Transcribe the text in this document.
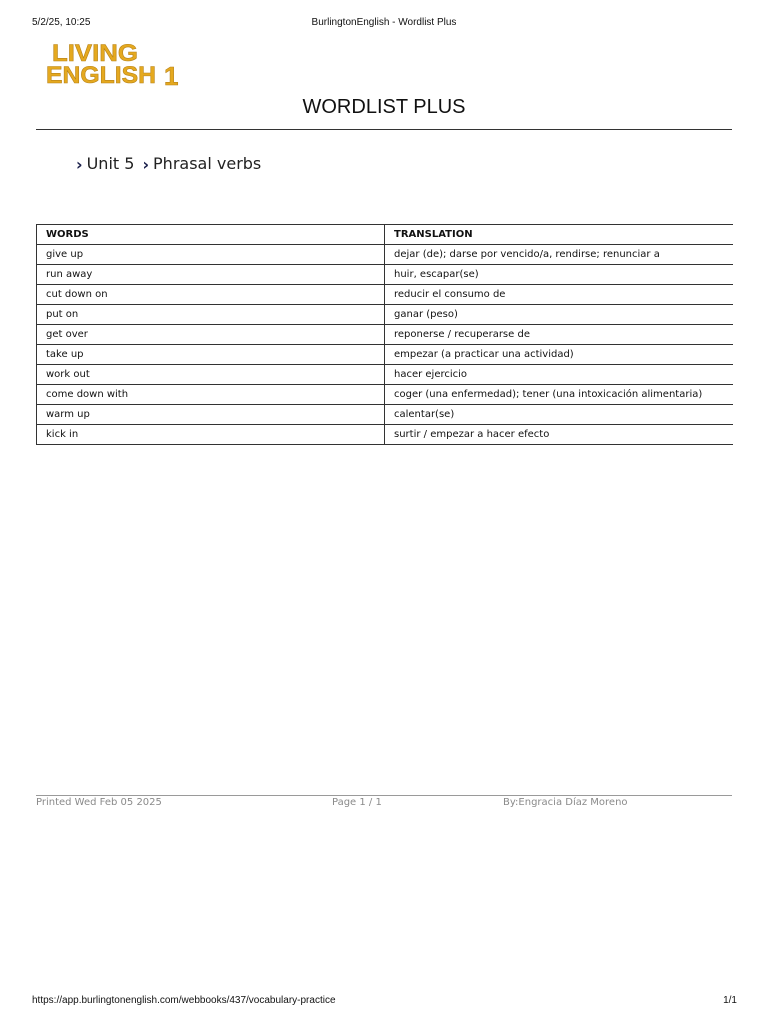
5/2/25, 10:25	BurlingtonEnglish - Wordlist Plus
LIVING
ENGLISH 1
WORDLIST PLUS
› Unit 5 › Phrasal verbs
WORDS	TRANSLATION
give up	dejar (de); darse por vencido/a, rendirse; renunciar a
run away	huir, escapar(se)
cut down on	reducir el consumo de
put on	ganar (peso)
get over	reponerse / recuperarse de
take up	empezar (a practicar una actividad)
work out	hacer ejercicio
come down with	coger (una enfermedad); tener (una intoxicación alimentaria)
warm up	calentar(se)
kick in	surtir / empezar a hacer efecto
Printed Wed Feb 05 2025	Page 1 / 1	By:Engracia Díaz Moreno
https://app.burlingtonenglish.com/webbooks/437/vocabulary-practice	1/1
